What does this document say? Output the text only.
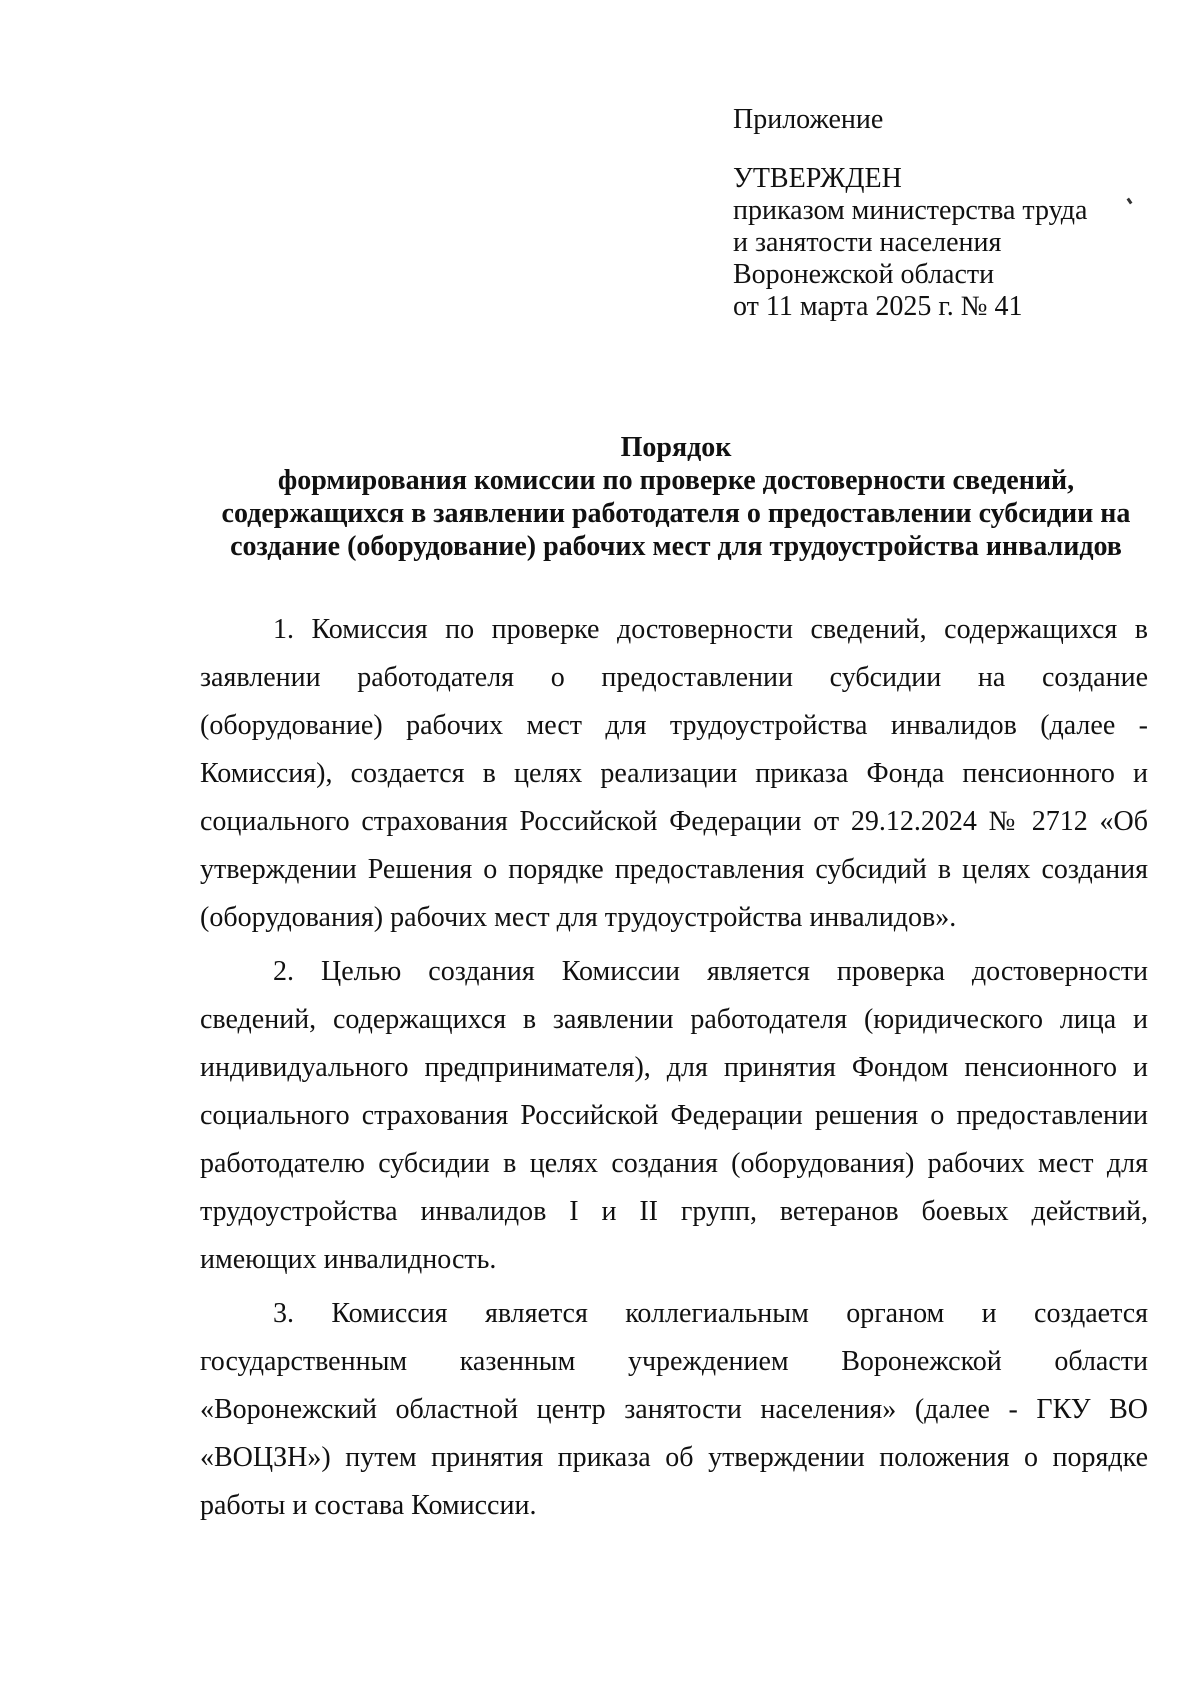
Приложение
УТВЕРЖДЕН
приказом министерства труда
и занятости населения
Воронежской области
от 11 марта 2025 г. № 41
Порядок
формирования комиссии по проверке достоверности сведений,
содержащихся в заявлении работодателя о предоставлении субсидии на
создание (оборудование) рабочих мест для трудоустройства инвалидов
1. Комиссия по проверке достоверности сведений, содержащихся в
заявлении работодателя о предоставлении субсидии на создание
(оборудование) рабочих мест для трудоустройства инвалидов (далее -
Комиссия), создается в целях реализации приказа Фонда пенсионного и
социального страхования Российской Федерации от 29.12.2024 № 2712 «Об
утверждении Решения о порядке предоставления субсидий в целях создания
(оборудования) рабочих мест для трудоустройства инвалидов».
2. Целью создания Комиссии является проверка достоверности
сведений, содержащихся в заявлении работодателя (юридического лица и
индивидуального предпринимателя), для принятия Фондом пенсионного и
социального страхования Российской Федерации решения о предоставлении
работодателю субсидии в целях создания (оборудования) рабочих мест для
трудоустройства инвалидов I и II групп, ветеранов боевых действий,
имеющих инвалидность.
3. Комиссия является коллегиальным органом и создается
государственным казенным учреждением Воронежской области
«Воронежский областной центр занятости населения» (далее - ГКУ ВО
«ВОЦЗН») путем принятия приказа об утверждении положения о порядке
работы и состава Комиссии.
